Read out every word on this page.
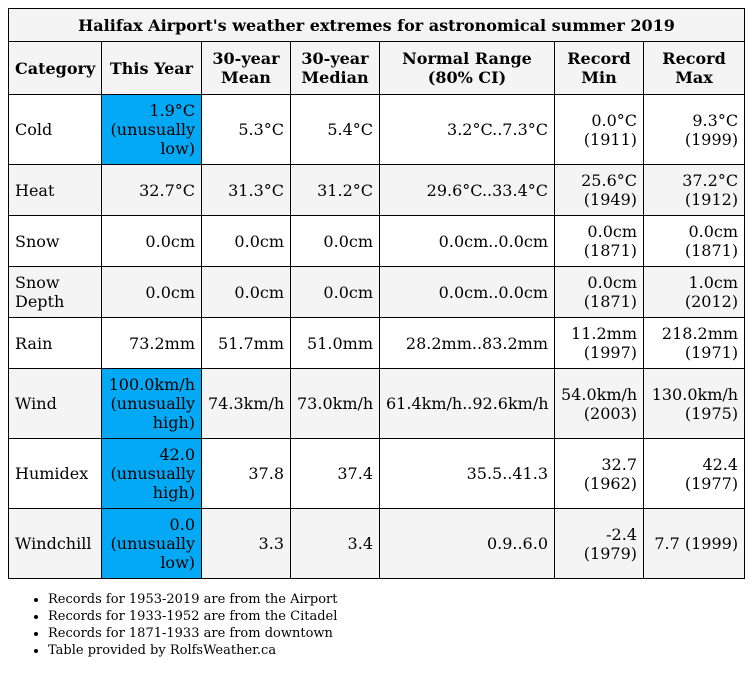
Halifax Airport's weather extremes for astronomical summer 2019						
Category	This Year	30-year Mean	30-year Median	Normal Range (80% CI)	Record Min	Record Max
Cold	1.9°C (unusually low)	5.3°C	5.4°C	3.2°C..7.3°C	0.0°C (1911)	9.3°C (1999)
Heat	32.7°C	31.3°C	31.2°C	29.6°C..33.4°C	25.6°C (1949)	37.2°C (1912)
Snow	0.0cm	0.0cm	0.0cm	0.0cm..0.0cm	0.0cm (1871)	0.0cm (1871)
Snow Depth	0.0cm	0.0cm	0.0cm	0.0cm..0.0cm	0.0cm (1871)	1.0cm (2012)
Rain	73.2mm	51.7mm	51.0mm	28.2mm..83.2mm	11.2mm (1997)	218.2mm (1971)
Wind	100.0km/h (unusually high)	74.3km/h	73.0km/h	61.4km/h..92.6km/h	54.0km/h (2003)	130.0km/h (1975)
Humidex	42.0 (unusually high)	37.8	37.4	35.5..41.3	32.7 (1962)	42.4 (1977)
Windchill	0.0 (unusually low)	3.3	3.4	0.9..6.0	-2.4 (1979)	7.7 (1999)
• Records for 1953-2019 are from the Airport
• Records for 1933-1952 are from the Citadel
• Records for 1871-1933 are from downtown
• Table provided by RolfsWeather.ca
